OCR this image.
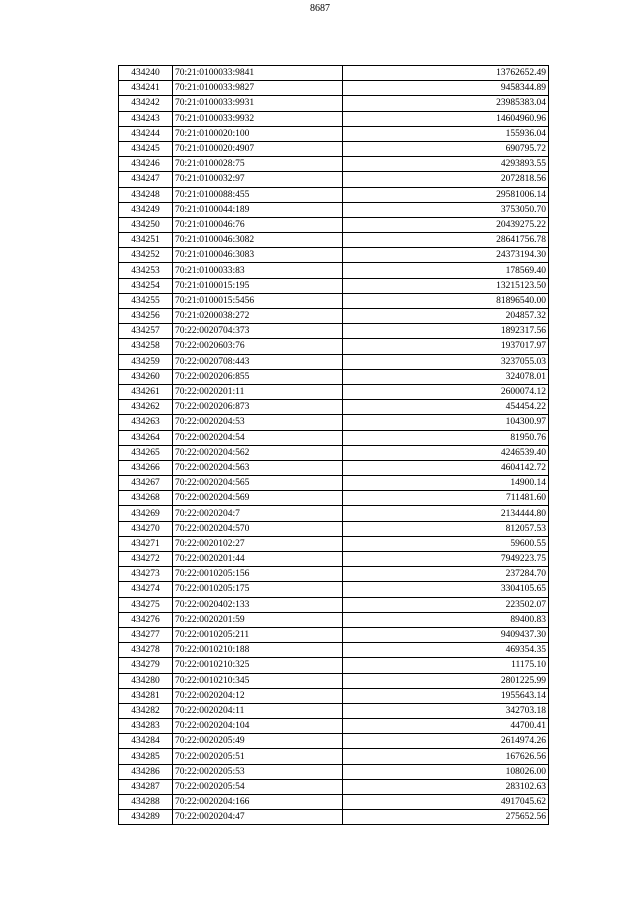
8687
434240	70:21:0100033:9841	13762652.49
434241	70:21:0100033:9827	9458344.89
434242	70:21:0100033:9931	23985383.04
434243	70:21:0100033:9932	14604960.96
434244	70:21:0100020:100	155936.04
434245	70:21:0100020:4907	690795.72
434246	70:21:0100028:75	4293893.55
434247	70:21:0100032:97	2072818.56
434248	70:21:0100088:455	29581006.14
434249	70:21:0100044:189	3753050.70
434250	70:21:0100046:76	20439275.22
434251	70:21:0100046:3082	28641756.78
434252	70:21:0100046:3083	24373194.30
434253	70:21:0100033:83	178569.40
434254	70:21:0100015:195	13215123.50
434255	70:21:0100015:5456	81896540.00
434256	70:21:0200038:272	204857.32
434257	70:22:0020704:373	1892317.56
434258	70:22:0020603:76	1937017.97
434259	70:22:0020708:443	3237055.03
434260	70:22:0020206:855	324078.01
434261	70:22:0020201:11	2600074.12
434262	70:22:0020206:873	454454.22
434263	70:22:0020204:53	104300.97
434264	70:22:0020204:54	81950.76
434265	70:22:0020204:562	4246539.40
434266	70:22:0020204:563	4604142.72
434267	70:22:0020204:565	14900.14
434268	70:22:0020204:569	711481.60
434269	70:22:0020204:7	2134444.80
434270	70:22:0020204:570	812057.53
434271	70:22:0020102:27	59600.55
434272	70:22:0020201:44	7949223.75
434273	70:22:0010205:156	237284.70
434274	70:22:0010205:175	3304105.65
434275	70:22:0020402:133	223502.07
434276	70:22:0020201:59	89400.83
434277	70:22:0010205:211	9409437.30
434278	70:22:0010210:188	469354.35
434279	70:22:0010210:325	11175.10
434280	70:22:0010210:345	2801225.99
434281	70:22:0020204:12	1955643.14
434282	70:22:0020204:11	342703.18
434283	70:22:0020204:104	44700.41
434284	70:22:0020205:49	2614974.26
434285	70:22:0020205:51	167626.56
434286	70:22:0020205:53	108026.00
434287	70:22:0020205:54	283102.63
434288	70:22:0020204:166	4917045.62
434289	70:22:0020204:47	275652.56
